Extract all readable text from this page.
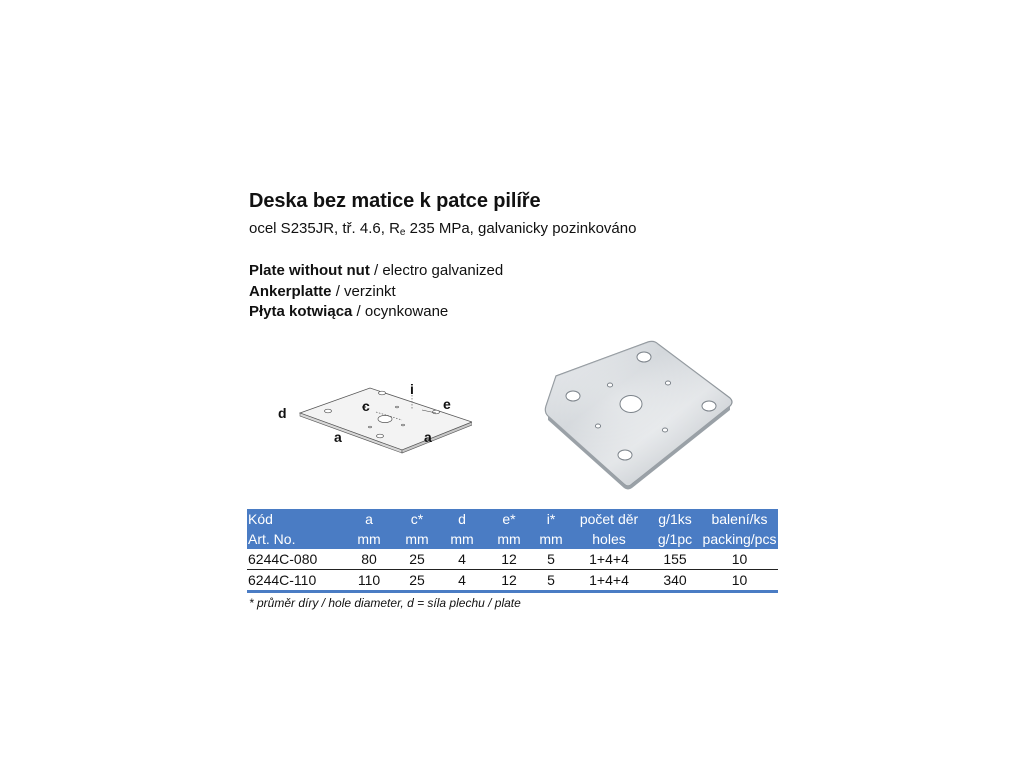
Deska bez matice k patce pilíře
ocel S235JR, tř. 4.6, $R_e$ 235 MPa, galvanicky pozinkováno
Plate without nut / electro galvanized
Ankerplatte / verzinkt
Płyta kotwiąca / ocynkowane
d	c
i
e
a	a
Kód	a	c*	d	e*	i*	počet děr	g/1ks	balení/ks
Art. No.	mm	mm	mm	mm	mm	holes	g/1pc	packing/pcs
6244C-080	80	25	4	12	5	1+4+4	155	10
6244C-110	110	25	4	12	5	1+4+4	340	10
* průměr díry / hole diameter, d = síla plechu / plate
